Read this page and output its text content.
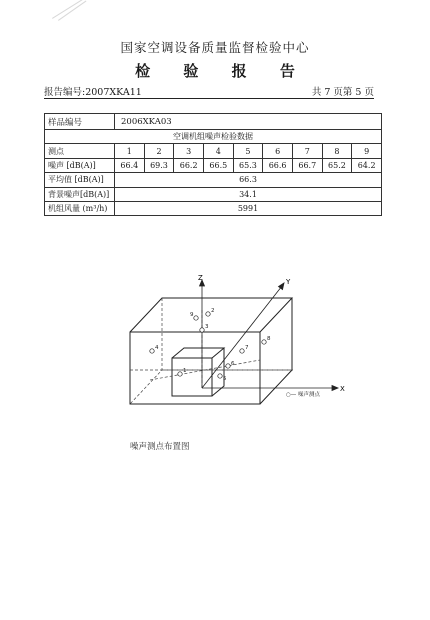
国家空调设备质量监督检验中心
检 验 报 告
报告编号:2007XKA11	共 7 页第 5 页
样品编号	2006XKA03								
空调机组噪声检验数据									
测点	1	2	3	4	5	6	7	8	9
噪声 [dB(A)]	66.4	69.3	66.2	66.5	65.3	66.6	66.7	65.2	64.2
平均值 [dB(A)]	66.3								
背景噪声[dB(A)]	34.1								
机组风量 (m³/h)	5991								
Z	Y
X
4	7
3
8
1
5
6
9
2
○— 噪声测点
噪声测点布置图
